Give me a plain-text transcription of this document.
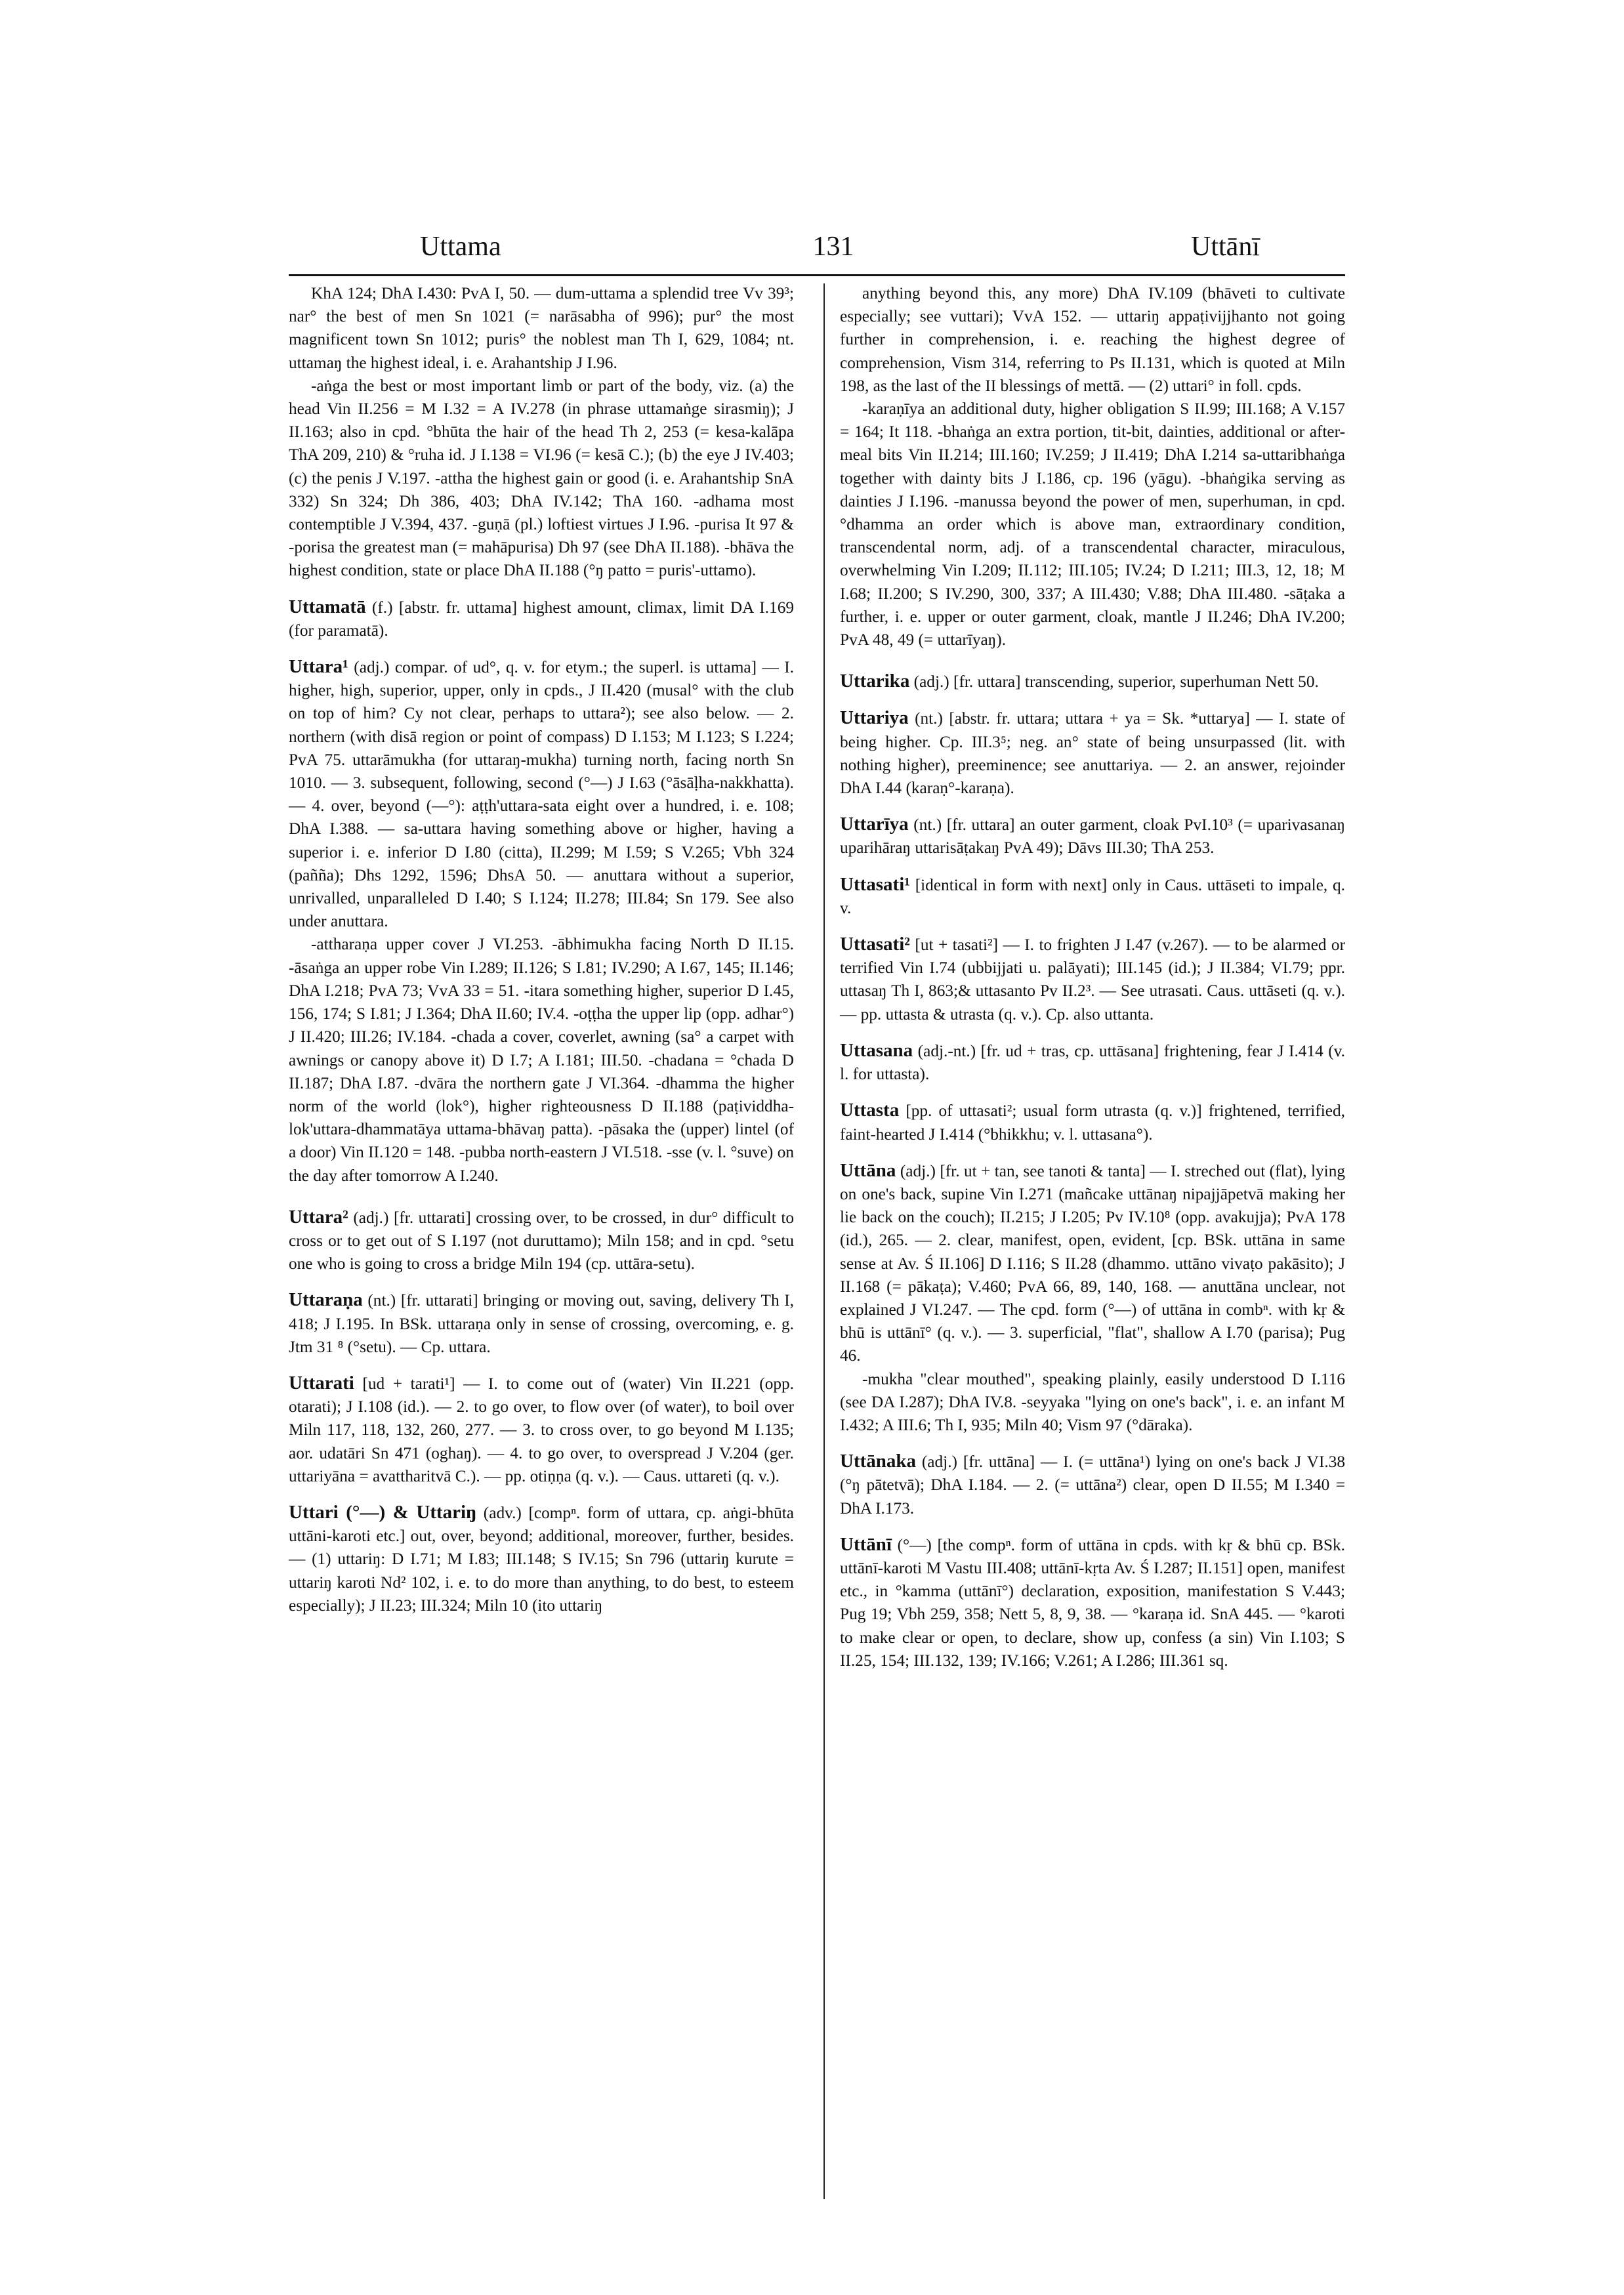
Uttama	131	Uttānī
KhA 124; DhA I.430: PvA I, 50. — dum-uttama a splendid tree Vv 39³; nar° the best of men Sn 1021 (= narāsabha of 996); pur° the most magnificent town Sn 1012; puris° the noblest man Th I, 629, 1084; nt. uttamaŋ the highest ideal, i. e. Arahantship J I.96.
-aṅga the best or most important limb or part of the body, viz. (a) the head Vin II.256 = M I.32 = A IV.278 (in phrase uttamaṅge sirasmiŋ); J II.163; also in cpd. °bhūta the hair of the head Th 2, 253 (= kesa-kalāpa ThA 209, 210) & °ruha id. J I.138 = VI.96 (= kesā C.); (b) the eye J IV.403; (c) the penis J V.197. -attha the highest gain or good (i. e. Arahantship SnA 332) Sn 324; Dh 386, 403; DhA IV.142; ThA 160. -adhama most contemptible J V.394, 437. -guṇā (pl.) loftiest virtues J I.96. -purisa It 97 & -porisa the greatest man (= mahāpurisa) Dh 97 (see DhA II.188). -bhāva the highest condition, state or place DhA II.188 (°ŋ patto = puris'-uttamo).
Uttamatā (f.) [abstr. fr. uttama] highest amount, climax, limit DA I.169 (for paramatā).
Uttara¹ (adj.) compar. of ud°, q. v. for etym.; the superl. is uttama] — I. higher, high, superior, upper, only in cpds., J II.420 (musal° with the club on top of him? Cy not clear, perhaps to uttara²); see also below. — 2. northern (with disā region or point of compass) D I.153; M I.123; S I.224; PvA 75. uttarāmukha (for uttaraŋ-mukha) turning north, facing north Sn 1010. — 3. subsequent, following, second (°—) J I.63 (°āsāḷha-nakkhatta). — 4. over, beyond (—°): aṭṭh'uttara-sata eight over a hundred, i. e. 108; DhA I.388. — sa-uttara having something above or higher, having a superior i. e. inferior D I.80 (citta), II.299; M I.59; S V.265; Vbh 324 (pañña); Dhs 1292, 1596; DhsA 50. — anuttara without a superior, unrivalled, unparalleled D I.40; S I.124; II.278; III.84; Sn 179. See also under anuttara.
-attharaṇa upper cover J VI.253. -ābhimukha facing North D II.15. -āsaṅga an upper robe Vin I.289; II.126; S I.81; IV.290; A I.67, 145; II.146; DhA I.218; PvA 73; VvA 33 = 51. -itara something higher, superior D I.45, 156, 174; S I.81; J I.364; DhA II.60; IV.4. -oṭṭha the upper lip (opp. adhar°) J II.420; III.26; IV.184. -chada a cover, coverlet, awning (sa° a carpet with awnings or canopy above it) D I.7; A I.181; III.50. -chadana = °chada D II.187; DhA I.87. -dvāra the northern gate J VI.364. -dhamma the higher norm of the world (lok°), higher righteousness D II.188 (paṭividdha-lok'uttara-dhammatāya uttama-bhāvaŋ patta). -pāsaka the (upper) lintel (of a door) Vin II.120 = 148. -pubba north-eastern J VI.518. -sse (v. l. °suve) on the day after tomorrow A I.240.
Uttara² (adj.) [fr. uttarati] crossing over, to be crossed, in dur° difficult to cross or to get out of S I.197 (not duruttamo); Miln 158; and in cpd. °setu one who is going to cross a bridge Miln 194 (cp. uttāra-setu).
Uttaraṇa (nt.) [fr. uttarati] bringing or moving out, saving, delivery Th I, 418; J I.195. In BSk. uttaraṇa only in sense of crossing, overcoming, e. g. Jtm 31 ⁸ (°setu). — Cp. uttara.
Uttarati [ud + tarati¹] — I. to come out of (water) Vin II.221 (opp. otarati); J I.108 (id.). — 2. to go over, to flow over (of water), to boil over Miln 117, 118, 132, 260, 277. — 3. to cross over, to go beyond M I.135; aor. udatāri Sn 471 (oghaŋ). — 4. to go over, to overspread J V.204 (ger. uttariyāna = avattharitvā C.). — pp. otiṇṇa (q. v.). — Caus. uttareti (q. v.).
Uttari (°—) & Uttariŋ (adv.) [compⁿ. form of uttara, cp. aṅgi-bhūta uttāni-karoti etc.] out, over, beyond; additional, moreover, further, besides. — (1) uttariŋ: D I.71; M I.83; III.148; S IV.15; Sn 796 (uttariŋ kurute = uttariŋ karoti Nd² 102, i. e. to do more than anything, to do best, to esteem especially); J II.23; III.324; Miln 10 (ito uttariŋ
anything beyond this, any more) DhA IV.109 (bhāveti to cultivate especially; see vuttari); VvA 152. — uttariŋ appaṭivijjhanto not going further in comprehension, i. e. reaching the highest degree of comprehension, Vism 314, referring to Ps II.131, which is quoted at Miln 198, as the last of the II blessings of mettā. — (2) uttari° in foll. cpds.
-karaṇīya an additional duty, higher obligation S II.99; III.168; A V.157 = 164; It 118. -bhaṅga an extra portion, tit-bit, dainties, additional or after-meal bits Vin II.214; III.160; IV.259; J II.419; DhA I.214 sa-uttaribhaṅga together with dainty bits J I.186, cp. 196 (yāgu). -bhaṅgika serving as dainties J I.196. -manussa beyond the power of men, superhuman, in cpd. °dhamma an order which is above man, extraordinary condition, transcendental norm, adj. of a transcendental character, miraculous, overwhelming Vin I.209; II.112; III.105; IV.24; D I.211; III.3, 12, 18; M I.68; II.200; S IV.290, 300, 337; A III.430; V.88; DhA III.480. -sāṭaka a further, i. e. upper or outer garment, cloak, mantle J II.246; DhA IV.200; PvA 48, 49 (= uttarīyaŋ).
Uttarika (adj.) [fr. uttara] transcending, superior, superhuman Nett 50.
Uttariya (nt.) [abstr. fr. uttara; uttara + ya = Sk. *uttarya] — I. state of being higher. Cp. III.3⁵; neg. an° state of being unsurpassed (lit. with nothing higher), preeminence; see anuttariya. — 2. an answer, rejoinder DhA I.44 (karaṇ°-karaṇa).
Uttarīya (nt.) [fr. uttara] an outer garment, cloak PvI.10³ (= uparivasanaŋ uparihāraŋ uttarisāṭakaŋ PvA 49); Dāvs III.30; ThA 253.
Uttasati¹ [identical in form with next] only in Caus. uttāseti to impale, q. v.
Uttasati² [ut + tasati²] — I. to frighten J I.47 (v.267). — to be alarmed or terrified Vin I.74 (ubbijjati u. palāyati); III.145 (id.); J II.384; VI.79; ppr. uttasaŋ Th I, 863;& uttasanto Pv II.2³. — See utrasati. Caus. uttāseti (q. v.). — pp. uttasta & utrasta (q. v.). Cp. also uttanta.
Uttasana (adj.-nt.) [fr. ud + tras, cp. uttāsana] frightening, fear J I.414 (v. l. for uttasta).
Uttasta [pp. of uttasati²; usual form utrasta (q. v.)] frightened, terrified, faint-hearted J I.414 (°bhikkhu; v. l. uttasana°).
Uttāna (adj.) [fr. ut + tan, see tanoti & tanta] — I. streched out (flat), lying on one's back, supine Vin I.271 (mañcake uttānaŋ nipajjāpetvā making her lie back on the couch); II.215; J I.205; Pv IV.10⁸ (opp. avakujja); PvA 178 (id.), 265. — 2. clear, manifest, open, evident, [cp. BSk. uttāna in same sense at Av. Ś II.106] D I.116; S II.28 (dhammo. uttāno vivaṭo pakāsito); J II.168 (= pākaṭa); V.460; PvA 66, 89, 140, 168. — anuttāna unclear, not explained J VI.247. — The cpd. form (°—) of uttāna in combⁿ. with kṛ & bhū is uttānī° (q. v.). — 3. superficial, "flat", shallow A I.70 (parisa); Pug 46.
-mukha "clear mouthed", speaking plainly, easily understood D I.116 (see DA I.287); DhA IV.8. -seyyaka "lying on one's back", i. e. an infant M I.432; A III.6; Th I, 935; Miln 40; Vism 97 (°dāraka).
Uttānaka (adj.) [fr. uttāna] — I. (= uttāna¹) lying on one's back J VI.38 (°ŋ pātetvā); DhA I.184. — 2. (= uttāna²) clear, open D II.55; M I.340 = DhA I.173.
Uttānī (°—) [the compⁿ. form of uttāna in cpds. with kṛ & bhū cp. BSk. uttānī-karoti M Vastu III.408; uttānī-kṛta Av. Ś I.287; II.151] open, manifest etc., in °kamma (uttānī°) declaration, exposition, manifestation S V.443; Pug 19; Vbh 259, 358; Nett 5, 8, 9, 38. — °karaṇa id. SnA 445. — °karoti to make clear or open, to declare, show up, confess (a sin) Vin I.103; S II.25, 154; III.132, 139; IV.166; V.261; A I.286; III.361 sq.
